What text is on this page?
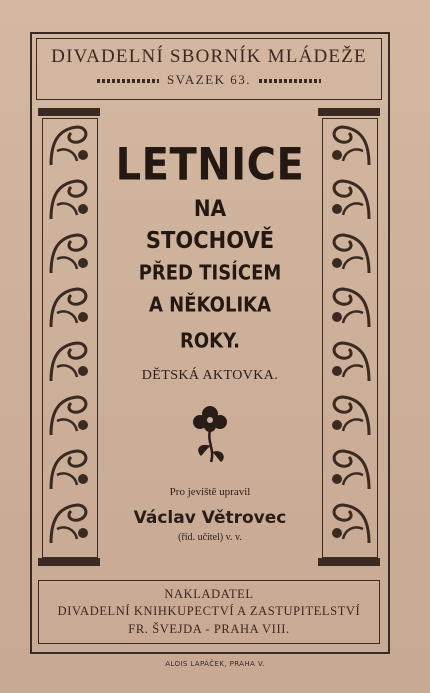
DIVADELNÍ SBORNÍK MLÁDEŽE
SVAZEK 63.
LETNICE
NA
STOCHOVĚ
PŘED TISÍCEM
A NĚKOLIKA
ROKY.
DĚTSKÁ AKTOVKA.
Pro jeviště upravil
Václav Větrovec
(říd. učitel) v. v.
NAKLADATEL
DIVADELNÍ KNIHKUPECTVÍ A ZASTUPITELSTVÍ
FR. ŠVEJDA - PRAHA VIII.
ALOIS LAPÁČEK, PRAHA V.
